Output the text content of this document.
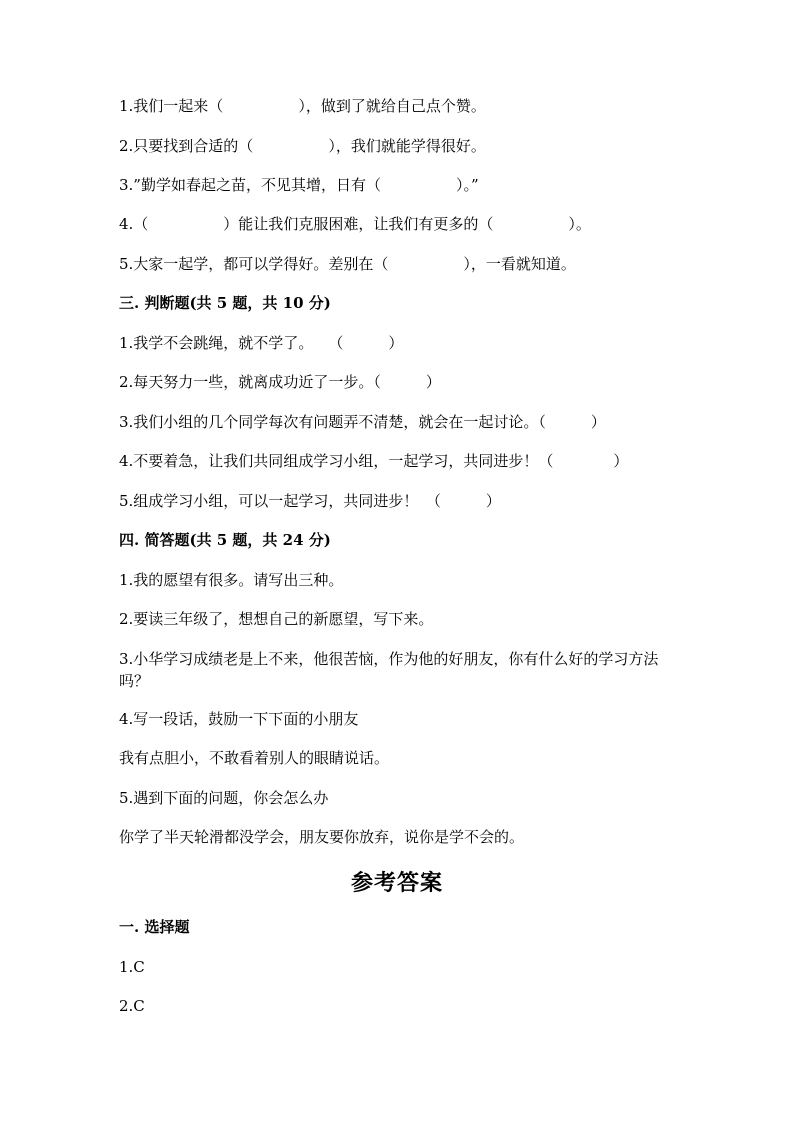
1.我们一起来（　　　　　），做到了就给自己点个赞。
2.只要找到合适的（　　　　　），我们就能学得很好。
3.”勤学如春起之苗，不见其增，日有（　　　　　）。”
4.（　　　　　）能让我们克服困难，让我们有更多的（　　　　　）。
5.大家一起学，都可以学得好。差别在（　　　　　），一看就知道。
三. 判断题(共 5 题，共 10 分)
1.我学不会跳绳，就不学了。　　（　　　）
2.每天努力一些，就离成功近了一步。（　　　）
3.我们小组的几个同学每次有问题弄不清楚，就会在一起讨论。（　　　）
4.不要着急，让我们共同组成学习小组，一起学习，共同进步！（　　　　）
5.组成学习小组，可以一起学习，共同进步！　（　　　）
四. 简答题(共 5 题，共 24 分)
1.我的愿望有很多。请写出三种。
2.要读三年级了，想想自己的新愿望，写下来。
3.小华学习成绩老是上不来，他很苦恼，作为他的好朋友，你有什么好的学习方法吗？
4.写一段话，鼓励一下下面的小朋友
我有点胆小，不敢看着别人的眼睛说话。
5.遇到下面的问题，你会怎么办
你学了半天轮滑都没学会，朋友要你放弃，说你是学不会的。
参考答案
一. 选择题
1.C
2.C
